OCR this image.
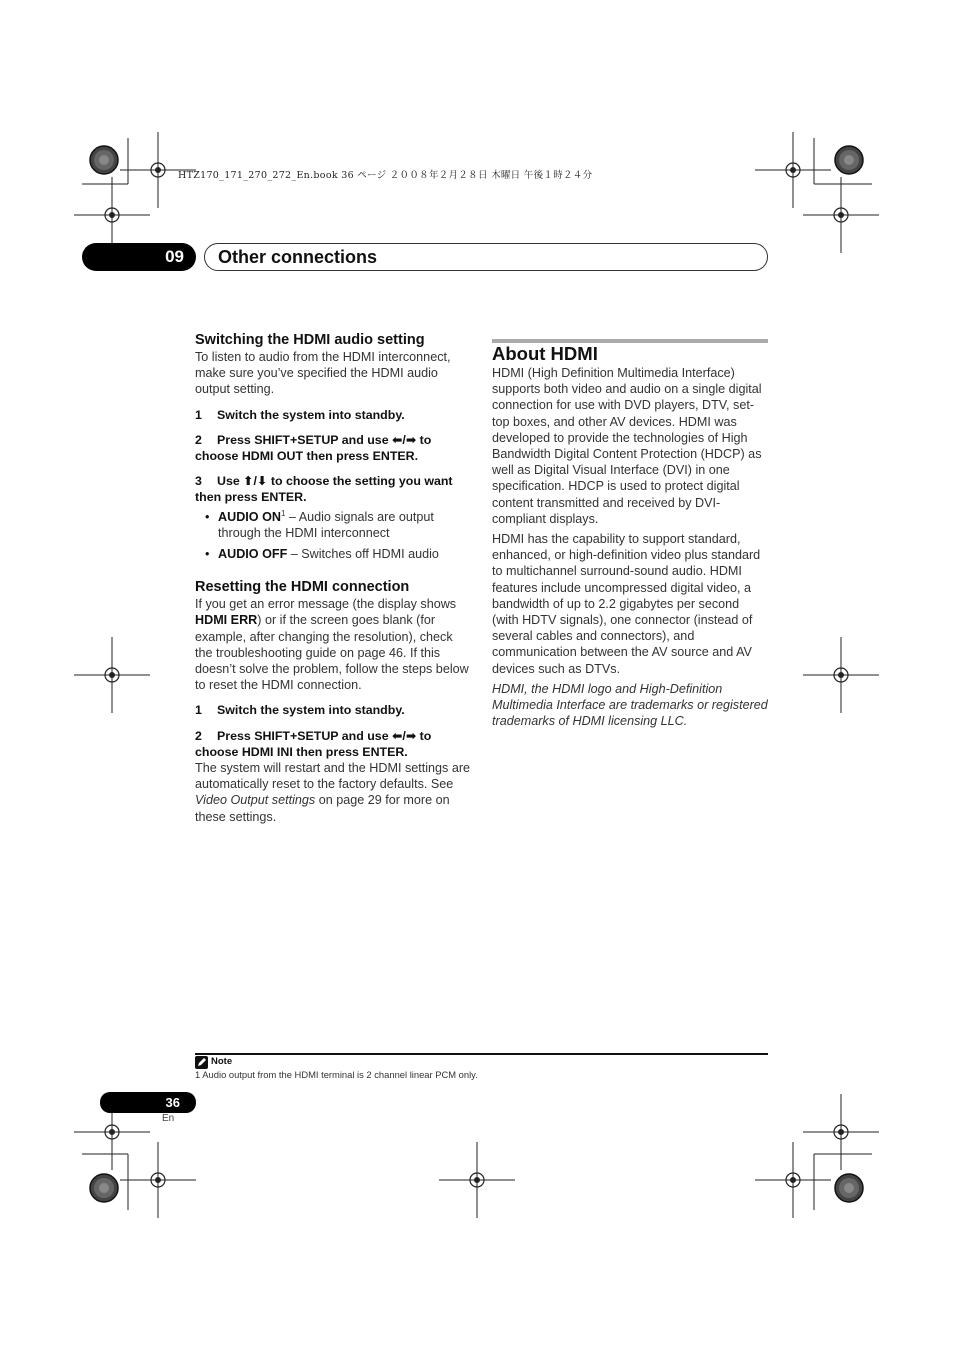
HTZ170_171_270_272_En.book 36 ページ ２００８年２月２８日 木曜日 午後１時２４分
09	Other connections
Switching the HDMI audio setting

To listen to audio from the HDMI interconnect, make sure you’ve specified the HDMI audio output setting.

1 Switch the system into standby.

2 Press SHIFT+SETUP and use ⬅/➡ to choose HDMI OUT then press ENTER.

3 Use ⬆/⬇ to choose the setting you want then press ENTER.

• AUDIO $ON^1$ – Audio signals are output through the HDMI interconnect
• AUDIO OFF – Switches off HDMI audio
Resetting the HDMI connection

If you get an error message (the display shows HDMI ERR) or if the screen goes blank (for example, after changing the resolution), check the troubleshooting guide on page 46. If this doesn’t solve the problem, follow the steps below to reset the HDMI connection.

1 Switch the system into standby.

2 Press SHIFT+SETUP and use ⬅/➡ to choose HDMI INI then press ENTER.

The system will restart and the HDMI settings are automatically reset to the factory defaults. See Video Output settings on page 29 for more on these settings.

About HDMI

HDMI (High Definition Multimedia Interface) supports both video and audio on a single digital connection for use with DVD players, DTV, set-top boxes, and other AV devices. HDMI was developed to provide the technologies of High Bandwidth Digital Content Protection (HDCP) as well as Digital Visual Interface (DVI) in one specification. HDCP is used to protect digital content transmitted and received by DVI-compliant displays.

HDMI has the capability to support standard, enhanced, or high-definition video plus standard to multichannel surround-sound audio. HDMI features include uncompressed digital video, a bandwidth of up to 2.2 gigabytes per second (with HDTV signals), one connector (instead of several cables and connectors), and communication between the AV source and AV devices such as DTVs.

HDMI, the HDMI logo and High-Definition Multimedia Interface are trademarks or registered trademarks of HDMI licensing LLC.

Note
1 Audio output from the HDMI terminal is 2 channel linear PCM only.
36
En
